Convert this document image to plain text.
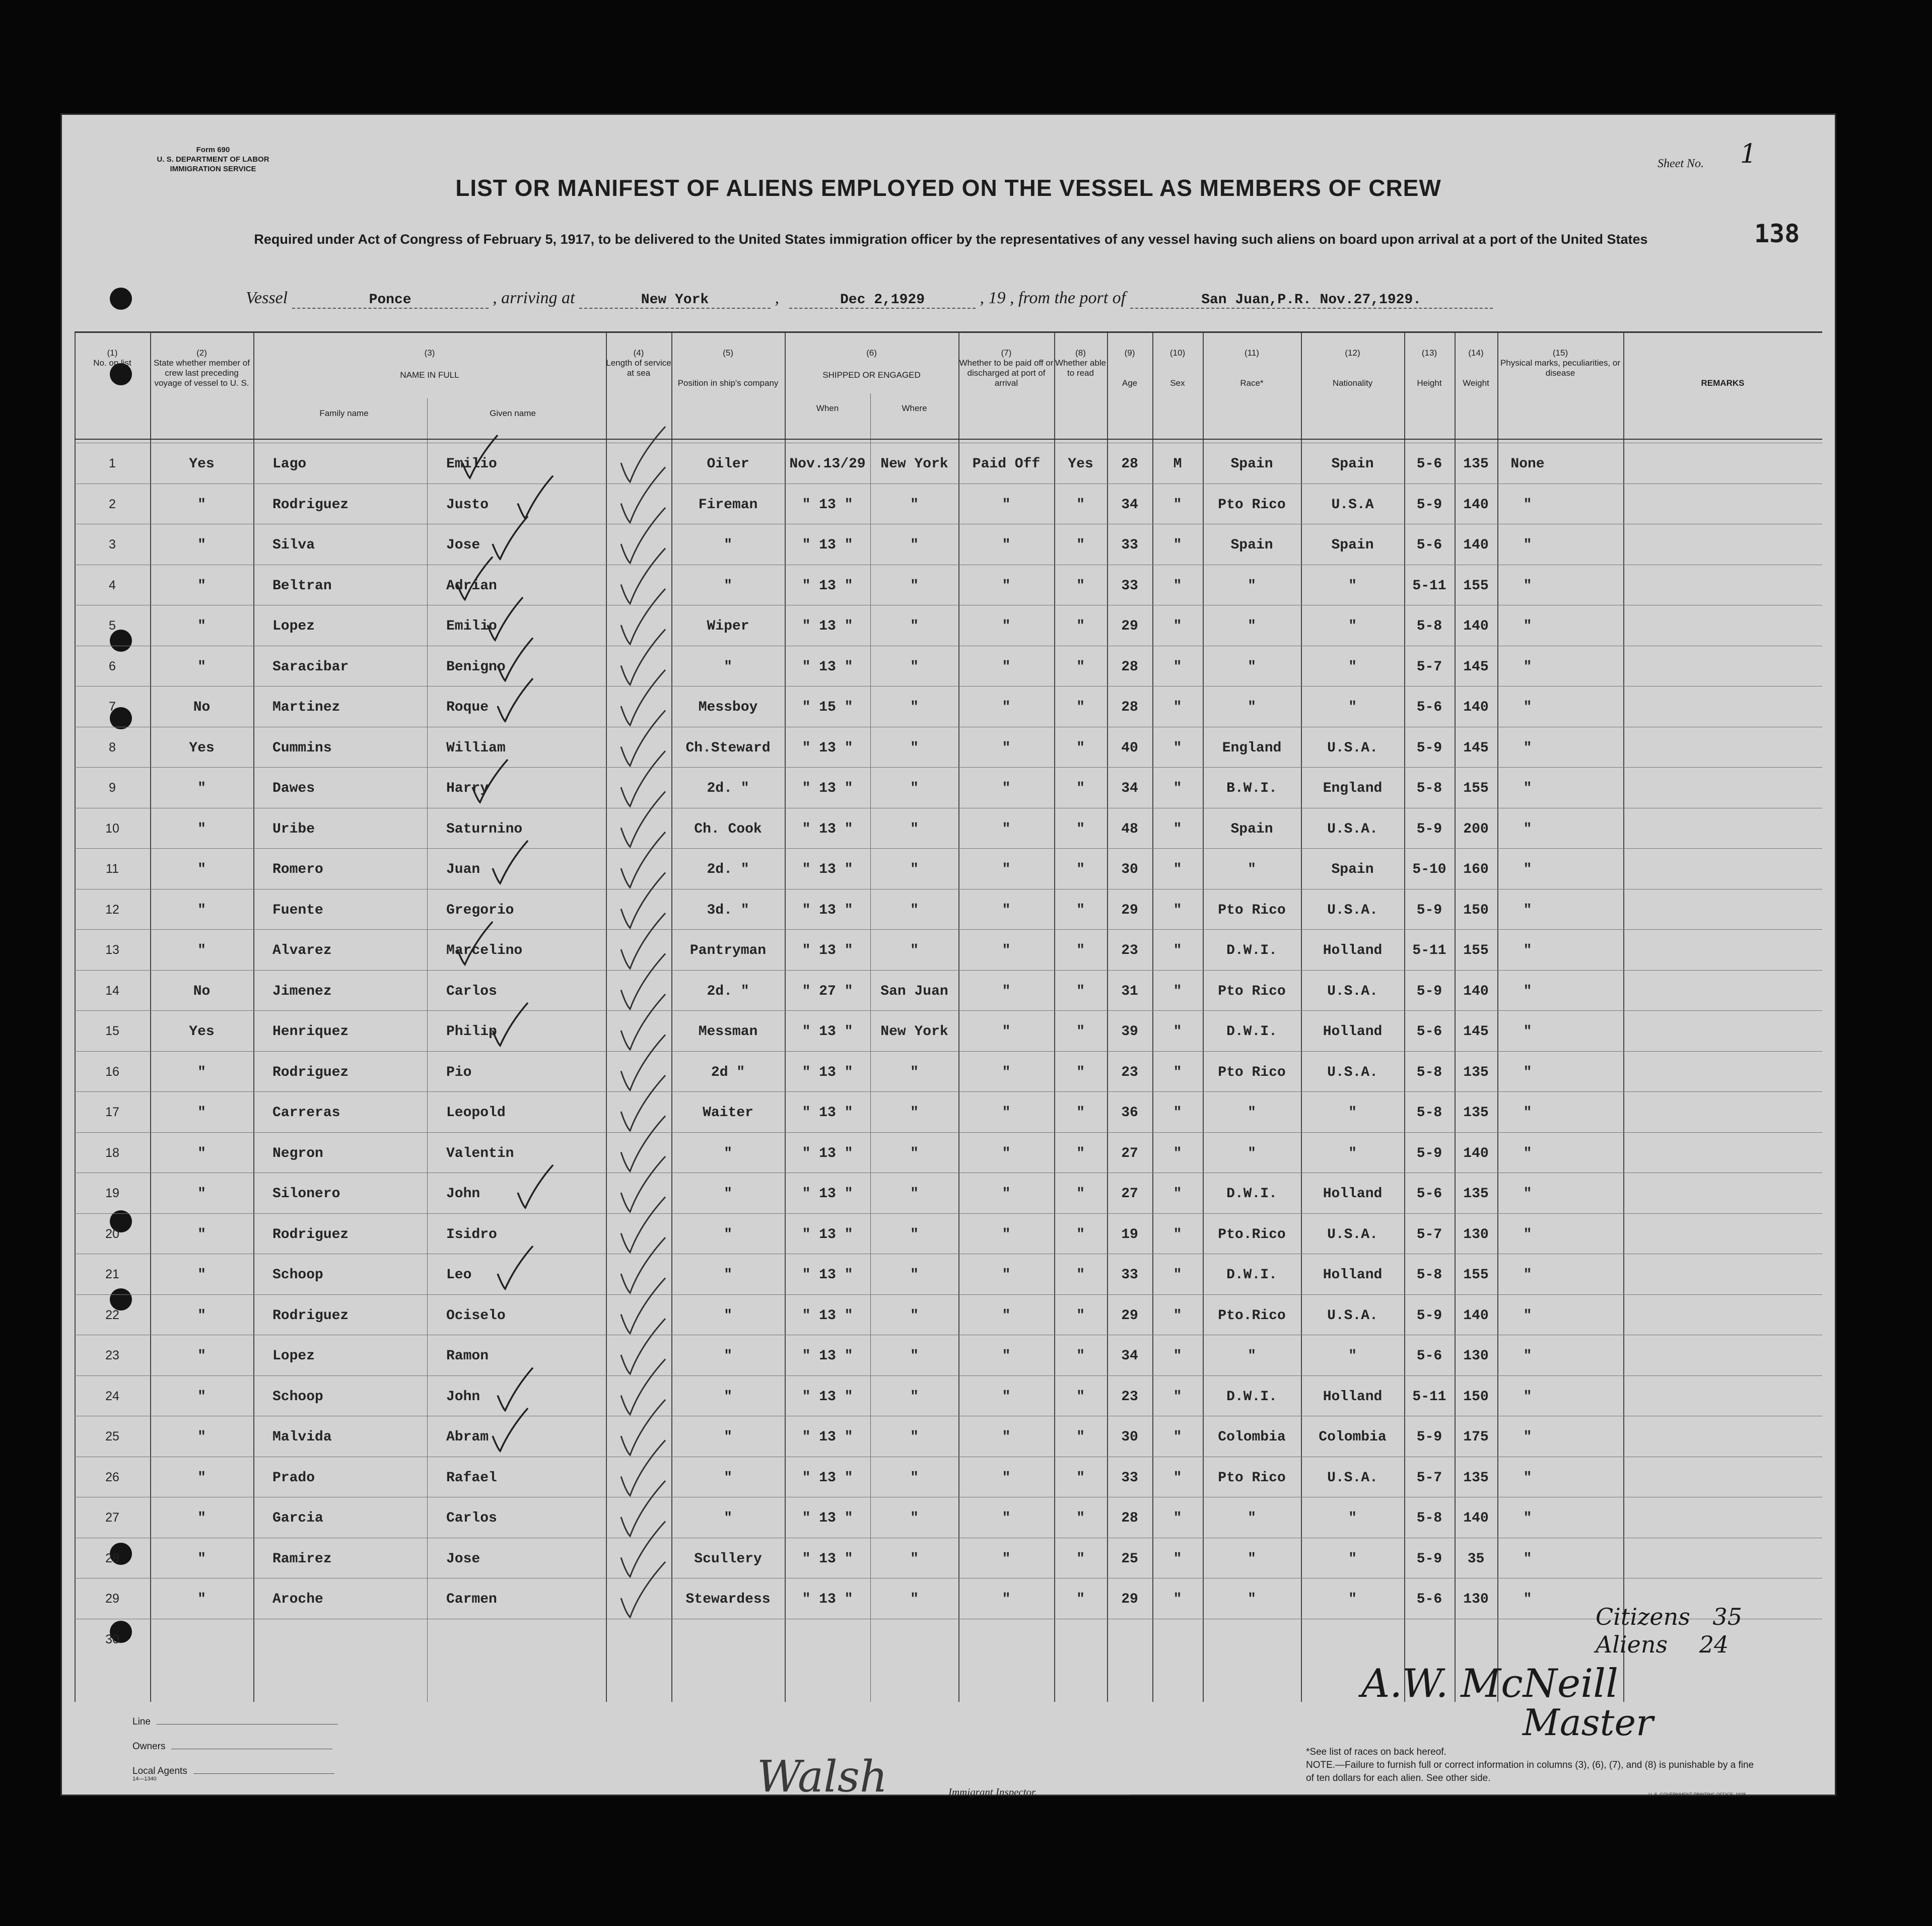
Form 690
U. S. DEPARTMENT OF LABOR
IMMIGRATION SERVICE	Sheet No. 1
LIST OR MANIFEST OF ALIENS EMPLOYED ON THE VESSEL AS MEMBERS OF CREW
Required under Act of Congress of February 5, 1917, to be delivered to the United States immigration officer by the representatives of any vessel having such aliens on board upon arrival at a port of the United States	138
Vessel	Ponce	, arriving at	New York	,	Dec 2,1929	, 19 , from the port of	San Juan,P.R. Nov.27,1929.
(1)
No. on list
(2)
State whether member of crew last preceding voyage of vessel to U. S.
(3)
NAME IN FULL
Family name	Given name
(4)
Length of service at sea
(5)
Position in ship's company
(6)
SHIPPED OR ENGAGED
When	Where
(7)
Whether to be paid off or discharged at port of arrival
(8)
Whether able to read
(9)
Age
(10)
Sex
(11)
Race*
(12)
Nationality
(13)
Height
(14)
Weight
(15)
Physical marks, peculiarities, or disease
REMARKS
1	Yes	Lago	Emilio	Oiler	Nov.13/29	New York	Paid Off	Yes	28	M	Spain	Spain	5-6	135	None
2	"	Rodriguez	Justo	Fireman	" 13 "	"	"	"	34	"	Pto Rico	U.S.A	5-9	140	"
3	"	Silva	Jose	"	" 13 "	"	"	"	33	"	Spain	Spain	5-6	140	"
4	"	Beltran	Adrian	"	" 13 "	"	"	"	33	"	"	"	5-11	155	"
5	"	Lopez	Emilio	Wiper	" 13 "	"	"	"	29	"	"	"	5-8	140	"
6	"	Saracibar	Benigno	"	" 13 "	"	"	"	28	"	"	"	5-7	145	"
7	No	Martinez	Roque	Messboy	" 15 "	"	"	"	28	"	"	"	5-6	140	"
8	Yes	Cummins	William	Ch.Steward	" 13 "	"	"	"	40	"	England	U.S.A.	5-9	145	"
9	"	Dawes	Harry	2d. "	" 13 "	"	"	"	34	"	B.W.I.	England	5-8	155	"
10	"	Uribe	Saturnino	Ch. Cook	" 13 "	"	"	"	48	"	Spain	U.S.A.	5-9	200	"
11	"	Romero	Juan	2d. "	" 13 "	"	"	"	30	"	"	Spain	5-10	160	"
12	"	Fuente	Gregorio	3d. "	" 13 "	"	"	"	29	"	Pto Rico	U.S.A.	5-9	150	"
13	"	Alvarez	Marcelino	Pantryman	" 13 "	"	"	"	23	"	D.W.I.	Holland	5-11	155	"
14	No	Jimenez	Carlos	2d. "	" 27 "	San Juan	"	"	31	"	Pto Rico	U.S.A.	5-9	140	"
15	Yes	Henriquez	Philip	Messman	" 13 "	New York	"	"	39	"	D.W.I.	Holland	5-6	145	"
16	"	Rodriguez	Pio	2d "	" 13 "	"	"	"	23	"	Pto Rico	U.S.A.	5-8	135	"
17	"	Carreras	Leopold	Waiter	" 13 "	"	"	"	36	"	"	"	5-8	135	"
18	"	Negron	Valentin	"	" 13 "	"	"	"	27	"	"	"	5-9	140	"
19	"	Silonero	John	"	" 13 "	"	"	"	27	"	D.W.I.	Holland	5-6	135	"
20	"	Rodriguez	Isidro	"	" 13 "	"	"	"	19	"	Pto.Rico	U.S.A.	5-7	130	"
21	"	Schoop	Leo	"	" 13 "	"	"	"	33	"	D.W.I.	Holland	5-8	155	"
22	"	Rodriguez	Ociselo	"	" 13 "	"	"	"	29	"	Pto.Rico	U.S.A.	5-9	140	"
23	"	Lopez	Ramon	"	" 13 "	"	"	"	34	"	"	"	5-6	130	"
24	"	Schoop	John	"	" 13 "	"	"	"	23	"	D.W.I.	Holland	5-11	150	"
25	"	Malvida	Abram	"	" 13 "	"	"	"	30	"	Colombia	Colombia	5-9	175	"
26	"	Prado	Rafael	"	" 13 "	"	"	"	33	"	Pto Rico	U.S.A.	5-7	135	"
27	"	Garcia	Carlos	"	" 13 "	"	"	"	28	"	"	"	5-8	140	"
28	"	Ramirez	Jose	Scullery	" 13 "	"	"	"	25	"	"	"	5-9	35	"
29	"	Aroche	Carmen	Stewardess	" 13 "	"	"	"	29	"	"	"	5-6	130	"
30
Citizens 35
Aliens 24
A.W. McNeill
Master
Line
Owners
Local Agents
14—1340	Walsh	Immigrant Inspector.
*See list of races on back hereof.
NOTE.—Failure to furnish full or correct information in columns (3), (6), (7), and (8) is punishable by a fine of ten dollars for each alien. See other side.
U. S. GOVERNMENT PRINTING OFFICE: 1928
